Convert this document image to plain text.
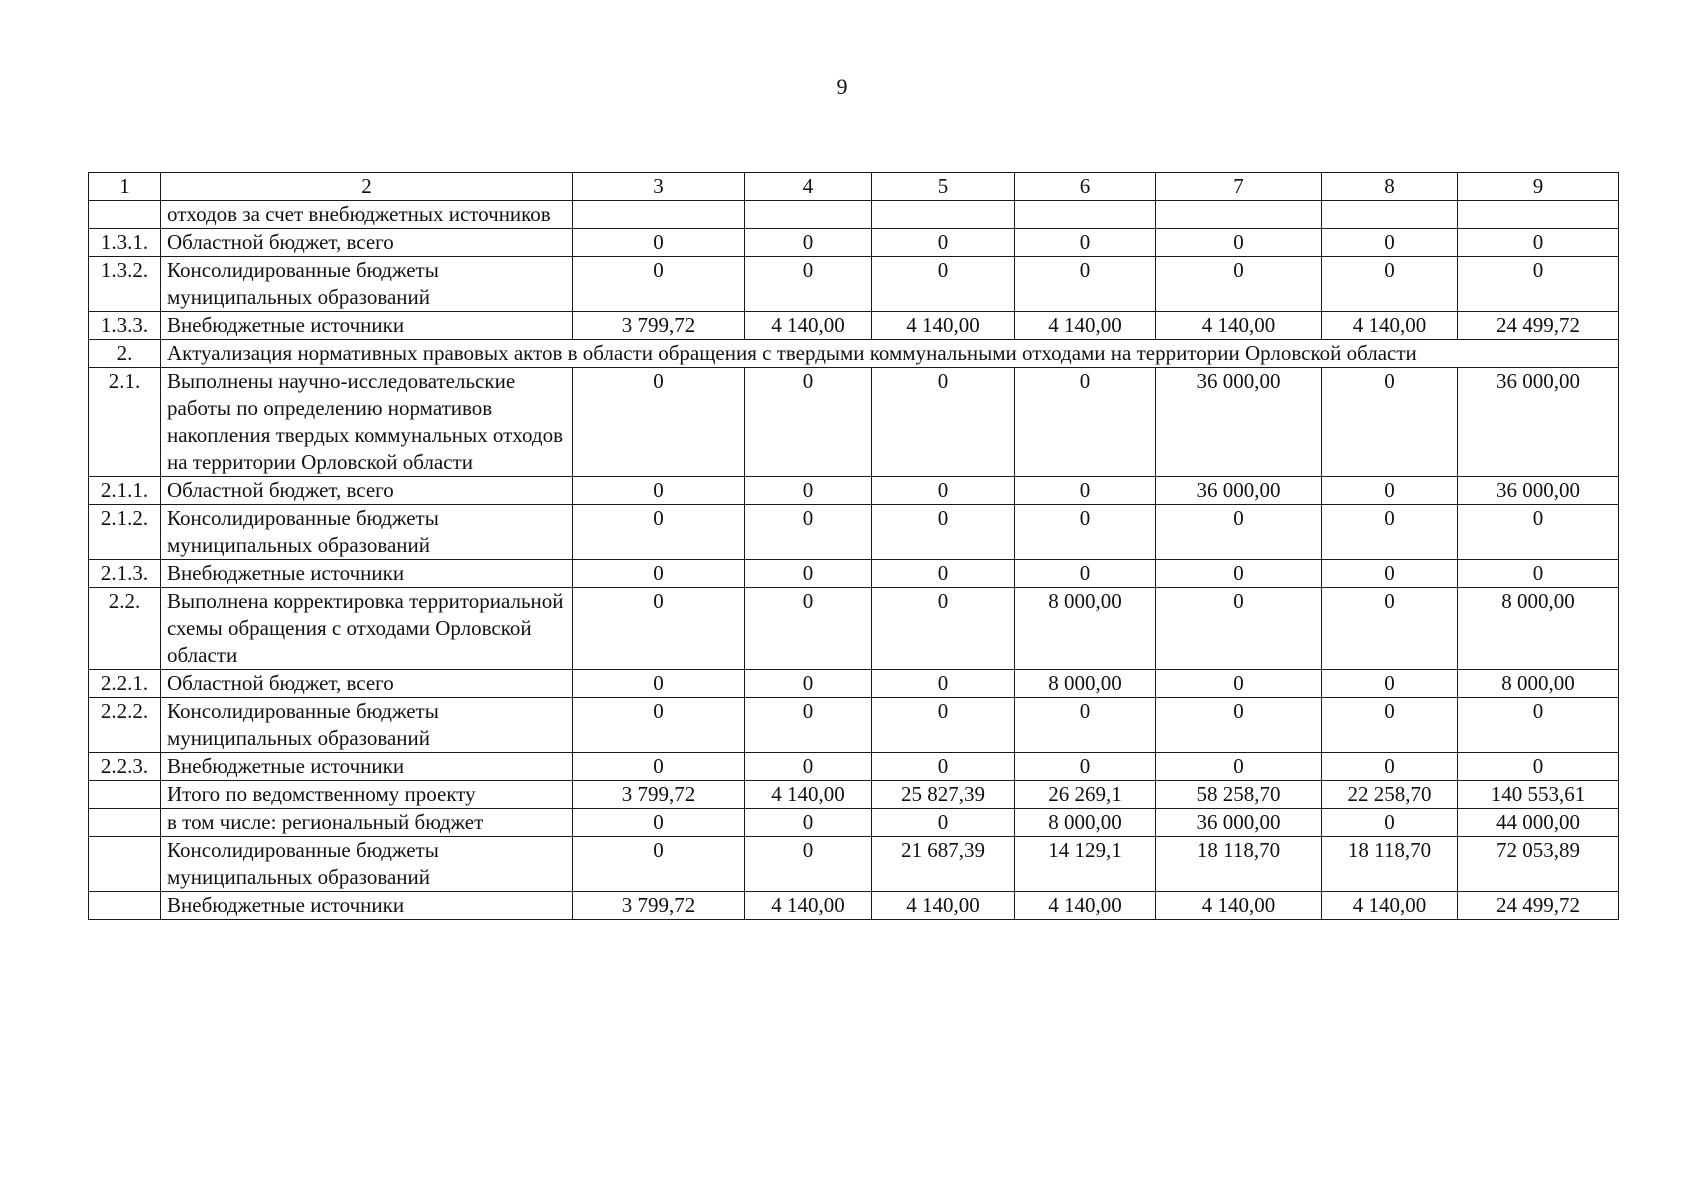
9
1	2	3	4	5	6	7	8	9
	отходов за счет внебюджетных источников							
1.3.1.	Областной бюджет, всего	0	0	0	0	0	0	0
1.3.2.	Консолидированные бюджеты муниципальных образований	0	0	0	0	0	0	0
1.3.3.	Внебюджетные источники	3 799,72	4 140,00	4 140,00	4 140,00	4 140,00	4 140,00	24 499,72
2.	Актуализация нормативных правовых актов в области обращения с твердыми коммунальными отходами на территории Орловской области							
2.1.	Выполнены научно-исследовательские работы по определению нормативов накопления твердых коммунальных отходов на территории Орловской области	0	0	0	0	36 000,00	0	36 000,00
2.1.1.	Областной бюджет, всего	0	0	0	0	36 000,00	0	36 000,00
2.1.2.	Консолидированные бюджеты муниципальных образований	0	0	0	0	0	0	0
2.1.3.	Внебюджетные источники	0	0	0	0	0	0	0
2.2.	Выполнена корректировка территориальной схемы обращения с отходами Орловской области	0	0	0	8 000,00	0	0	8 000,00
2.2.1.	Областной бюджет, всего	0	0	0	8 000,00	0	0	8 000,00
2.2.2.	Консолидированные бюджеты муниципальных образований	0	0	0	0	0	0	0
2.2.3.	Внебюджетные источники	0	0	0	0	0	0	0
	Итого по ведомственному проекту	3 799,72	4 140,00	25 827,39	26 269,1	58 258,70	22 258,70	140 553,61
	в том числе: региональный бюджет	0	0	0	8 000,00	36 000,00	0	44 000,00
	Консолидированные бюджеты муниципальных образований	0	0	21 687,39	14 129,1	18 118,70	18 118,70	72 053,89
	Внебюджетные источники	3 799,72	4 140,00	4 140,00	4 140,00	4 140,00	4 140,00	24 499,72
